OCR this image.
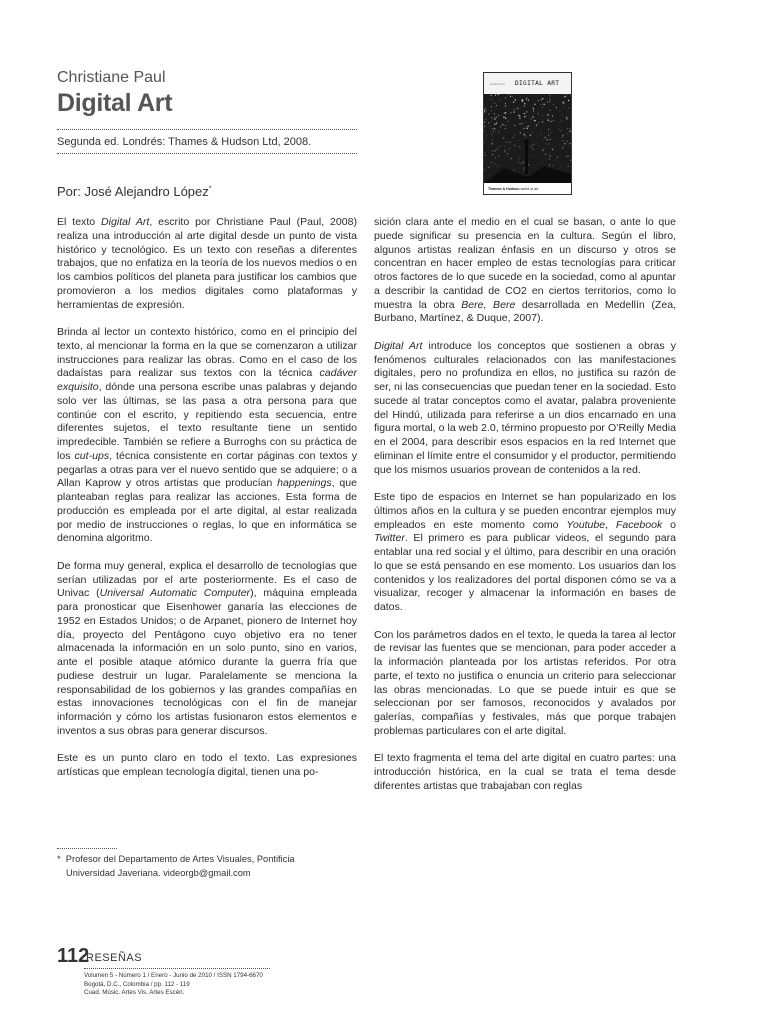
Christiane Paul
Digital Art
Segunda ed. Londrés: Thames & Hudson Ltd, 2008.
Por: José Alejandro López*
world of art DIGITAL ART
Thames & Hudson world of art

El texto Digital Art, escrito por Christiane Paul (Paul, 2008) realiza una introducción al arte digital desde un punto de vista histórico y tecnológico. Es un texto con reseñas a diferentes trabajos, que no enfatiza en la teoría de los nuevos medios o en los cambios políticos del planeta para justificar los cambios que promovieron a los medios digitales como plataformas y herramientas de expresión.

Brinda al lector un contexto histórico, como en el principio del texto, al mencionar la forma en la que se comenzaron a utilizar instrucciones para realizar las obras. Como en el caso de los dadaístas para realizar sus textos con la técnica cadáver exquisito, dónde una persona escribe unas palabras y dejando solo ver las últimas, se las pasa a otra persona para que continúe con el escrito, y repitiendo esta secuencia, entre diferentes sujetos, el texto resultante tiene un sentido impredecible. También se refiere a Burroghs con su práctica de los cut-ups, técnica consistente en cortar páginas con textos y pegarlas a otras para ver el nuevo sentido que se adquiere; o a Allan Kaprow y otros artistas que producían happenings, que planteaban reglas para realizar las acciones. Esta forma de producción es empleada por el arte digital, al estar realizada por medio de instrucciones o reglas, lo que en informática se denomina algoritmo.

De forma muy general, explica el desarrollo de tecnologías que serían utilizadas por el arte posteriormente. Es el caso de Univac (Universal Automatic Computer), máquina empleada para pronosticar que Eisenhower ganaría las elecciones de 1952 en Estados Unidos; o de Arpanet, pionero de Internet hoy día, proyecto del Pentágono cuyo objetivo era no tener almacenada la información en un solo punto, sino en varios, ante el posible ataque atómico durante la guerra fría que pudiese destruir un lugar. Paralelamente se menciona la responsabilidad de los gobiernos y las grandes compañías en estas innovaciones tecnológicas con el fin de manejar información y cómo los artistas fusionaron estos elementos e inventos a sus obras para generar discursos.

Este es un punto claro en todo el texto. Las expresiones artísticas que emplean tecnología digital, tienen una po-

* Profesor del Departamento de Artes Visuales, Pontificia
Universidad Javeriana. videorgb@gmail.com

sición clara ante el medio en el cual se basan, o ante lo que puede significar su presencia en la cultura. Según el libro, algunos artistas realizan énfasis en un discurso y otros se concentran en hacer empleo de estas tecnologías para criticar otros factores de lo que sucede en la sociedad, como al apuntar a describir la cantidad de CO2 en ciertos territorios, como lo muestra la obra Bere, Bere desarrollada en Medellín (Zea, Burbano, Martínez, & Duque, 2007).

Digital Art introduce los conceptos que sostienen a obras y fenómenos culturales relacionados con las manifestaciones digitales, pero no profundiza en ellos, no justifica su razón de ser, ni las consecuencias que puedan tener en la sociedad. Esto sucede al tratar conceptos como el avatar, palabra proveniente del Hindú, utilizada para referirse a un dios encarnado en una figura mortal, o la web 2.0, término propuesto por O’Reilly Media en el 2004, para describir esos espacios en la red Internet que eliminan el límite entre el consumidor y el productor, permitiendo que los mismos usuarios provean de contenidos a la red.

Este tipo de espacios en Internet se han popularizado en los últimos años en la cultura y se pueden encontrar ejemplos muy empleados en este momento como Youtube, Facebook o Twitter. El primero es para publicar videos, el segundo para entablar una red social y el último, para describir en una oración lo que se está pensando en ese momento. Los usuarios dan los contenidos y los realizadores del portal disponen cómo se va a visualizar, recoger y almacenar la información en bases de datos.

Con los parámetros dados en el texto, le queda la tarea al lector de revisar las fuentes que se mencionan, para poder acceder a la información planteada por los artistas referidos. Por otra parte, el texto no justifica o enuncia un criterio para seleccionar las obras mencionadas. Lo que se puede intuir es que se seleccionan por ser famosos, reconocidos y avalados por galerías, compañías y festivales, más que porque trabajen problemas particulares con el arte digital.

El texto fragmenta el tema del arte digital en cuatro partes: una introducción histórica, en la cual se trata el tema desde diferentes artistas que trabajaban con reglas

112
RESEÑAS
Volumen 5 - Número 1 / Enero - Junio de 2010 / ISSN 1794-6670
Bogotá, D.C., Colombia / pp. 112 - 119
Cuad. Músic. Artes Vis. Artes Escén.
